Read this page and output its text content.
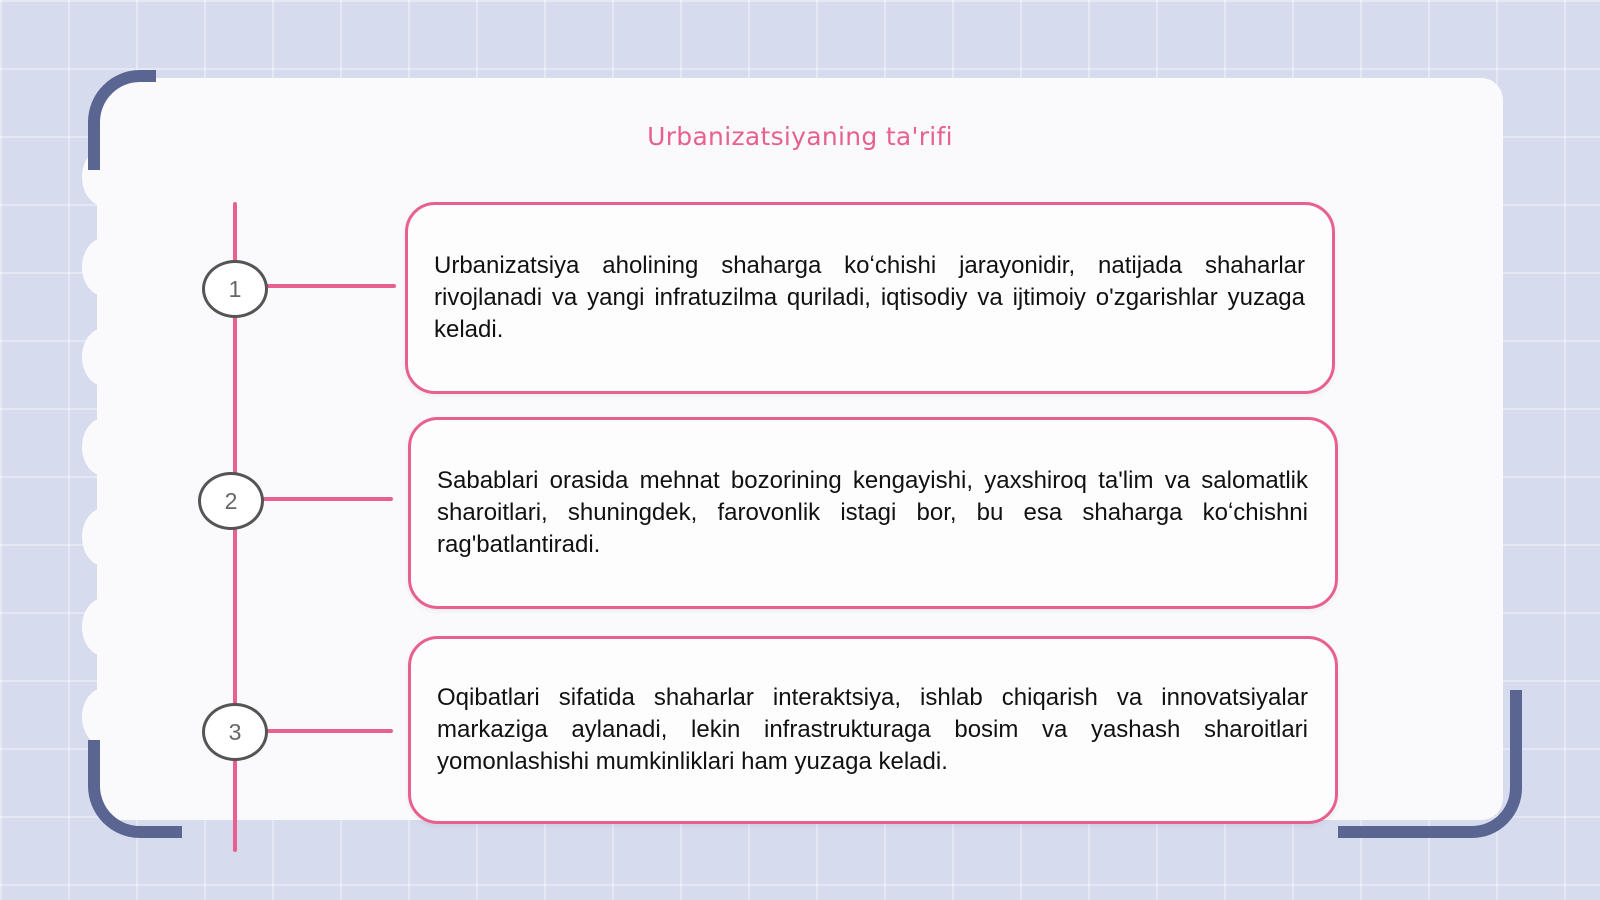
Urbanizatsiyaning ta'rifi
1
2
3

Urbanizatsiya aholining shaharga koʻchishi jarayonidir, natijada shaharlar rivojlanadi va yangi infratuzilma quriladi, iqtisodiy va ijtimoiy o'zgarishlar yuzaga keladi.

Sabablari orasida mehnat bozorining kengayishi, yaxshiroq ta'lim va salomatlik sharoitlari, shuningdek, farovonlik istagi bor, bu esa shaharga koʻchishni rag'batlantiradi.

Oqibatlari sifatida shaharlar interaktsiya, ishlab chiqarish va innovatsiyalar markaziga aylanadi, lekin infrastrukturaga bosim va yashash sharoitlari yomonlashishi mumkinliklari ham yuzaga keladi.
